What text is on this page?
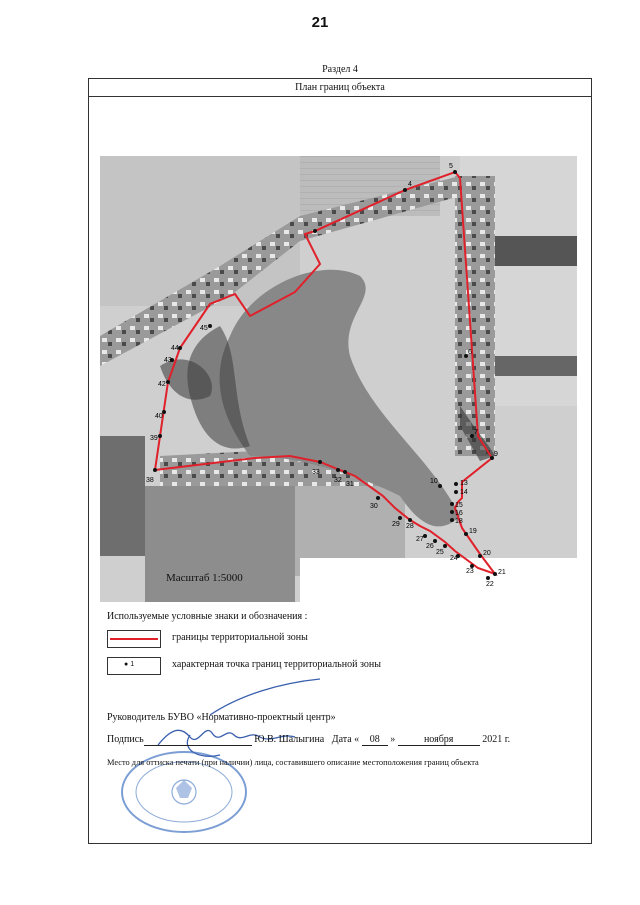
21
Раздел 4
План границ объекта
4
5
6
7
9
10	13
14
15
16
18
19
20
21
22
23
24
25
26
27
28
29
30
31
32
33
38
39
40
42
43
44
45
Масштаб 1:5000
Используемые условные знаки и обозначения :
границы территориальной зоны
● 1	характерная точка границ территориальной зоны
Руководитель БУВО «Нормативно-проектный центр»
Подпись	Ю.В. Шалыгина Дата « 08 »	ноября	2021 г.
Место для оттиска печати (при наличии) лица, составившего описание местоположения границ объекта
